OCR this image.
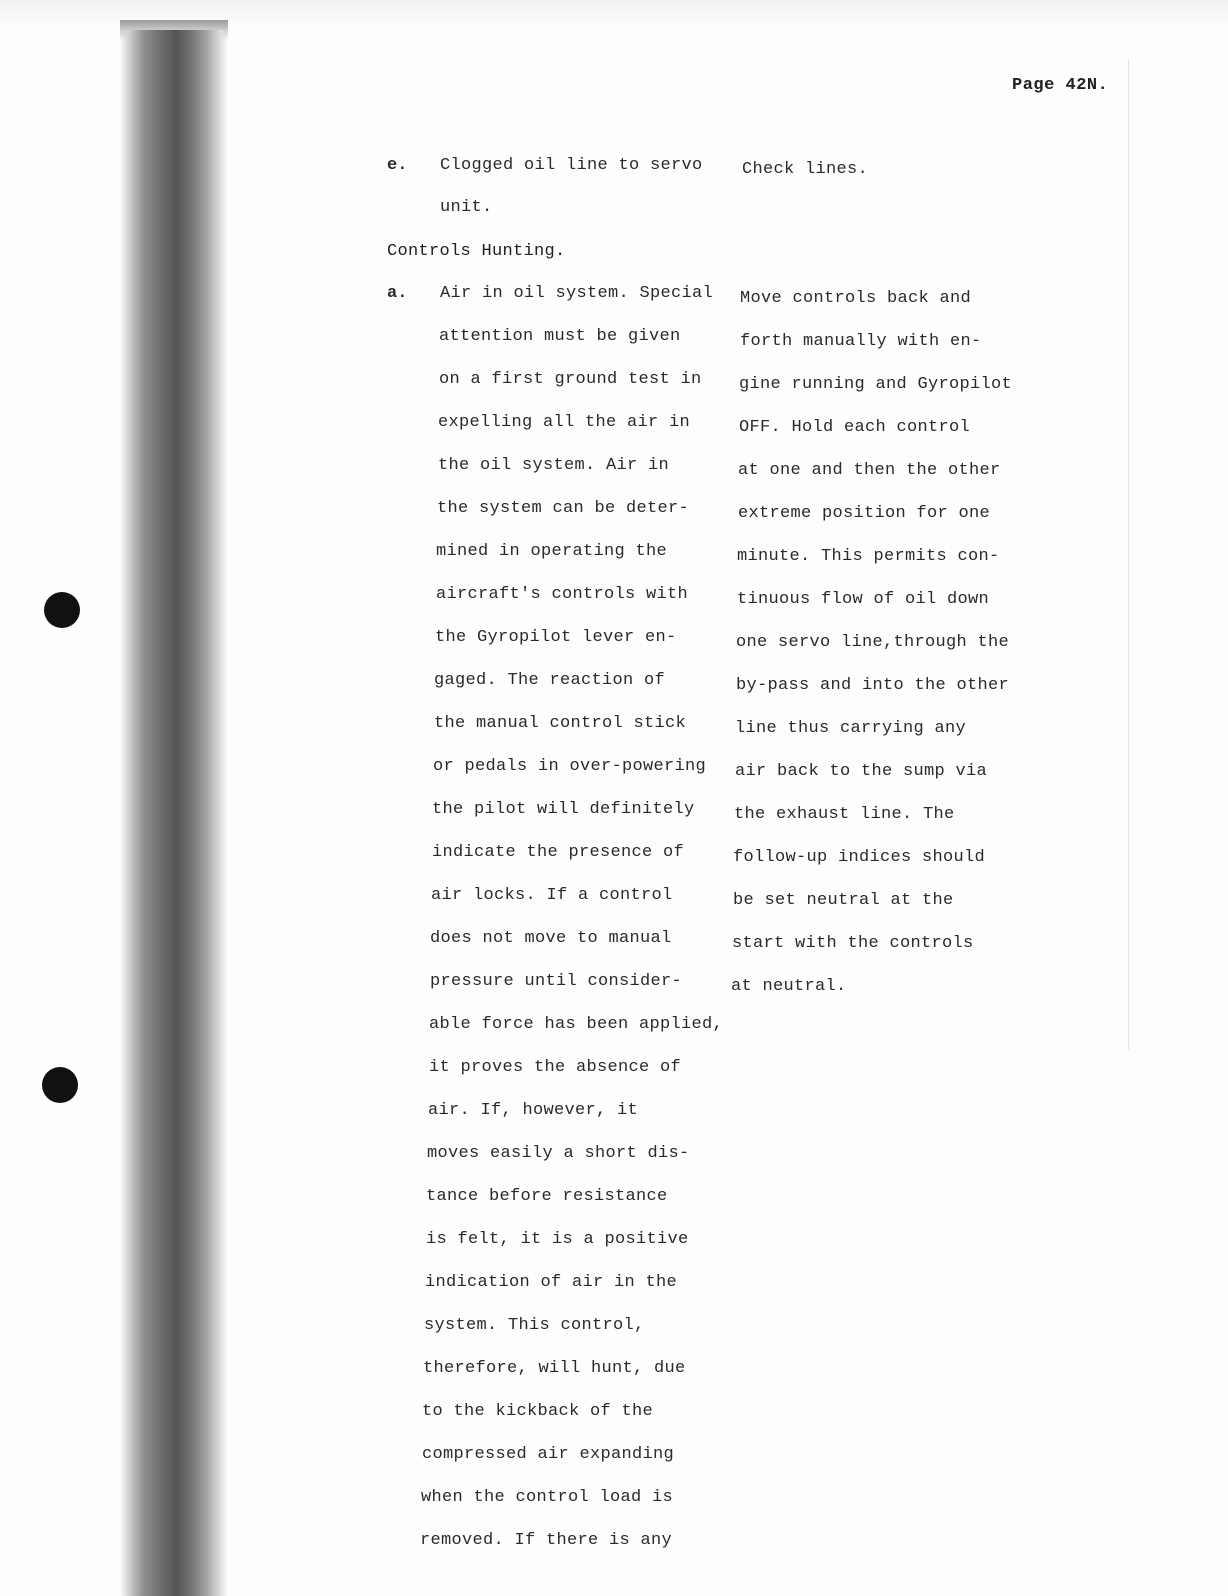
Page 42N.
e. Clogged oil line to servo
unit.
Check lines.
Controls Hunting.
a. Air in oil system. Special
attention must be given
on a first ground test in
expelling all the air in
the oil system. Air in
the system can be deter-
mined in operating the
aircraft's controls with
the Gyropilot lever en-
gaged. The reaction of
the manual control stick
or pedals in over-powering
the pilot will definitely
indicate the presence of
air locks. If a control
does not move to manual
pressure until consider-
able force has been applied,
it proves the absence of
air. If, however, it
moves easily a short dis-
tance before resistance
is felt, it is a positive
indication of air in the
system. This control,
therefore, will hunt, due
to the kickback of the
compressed air expanding
when the control load is
removed. If there is any
Move controls back and
forth manually with en-
gine running and Gyropilot
OFF. Hold each control
at one and then the other
extreme position for one
minute. This permits con-
tinuous flow of oil down
one servo line,through the
by-pass and into the other
line thus carrying any
air back to the sump via
the exhaust line. The
follow-up indices should
be set neutral at the
start with the controls
at neutral.
